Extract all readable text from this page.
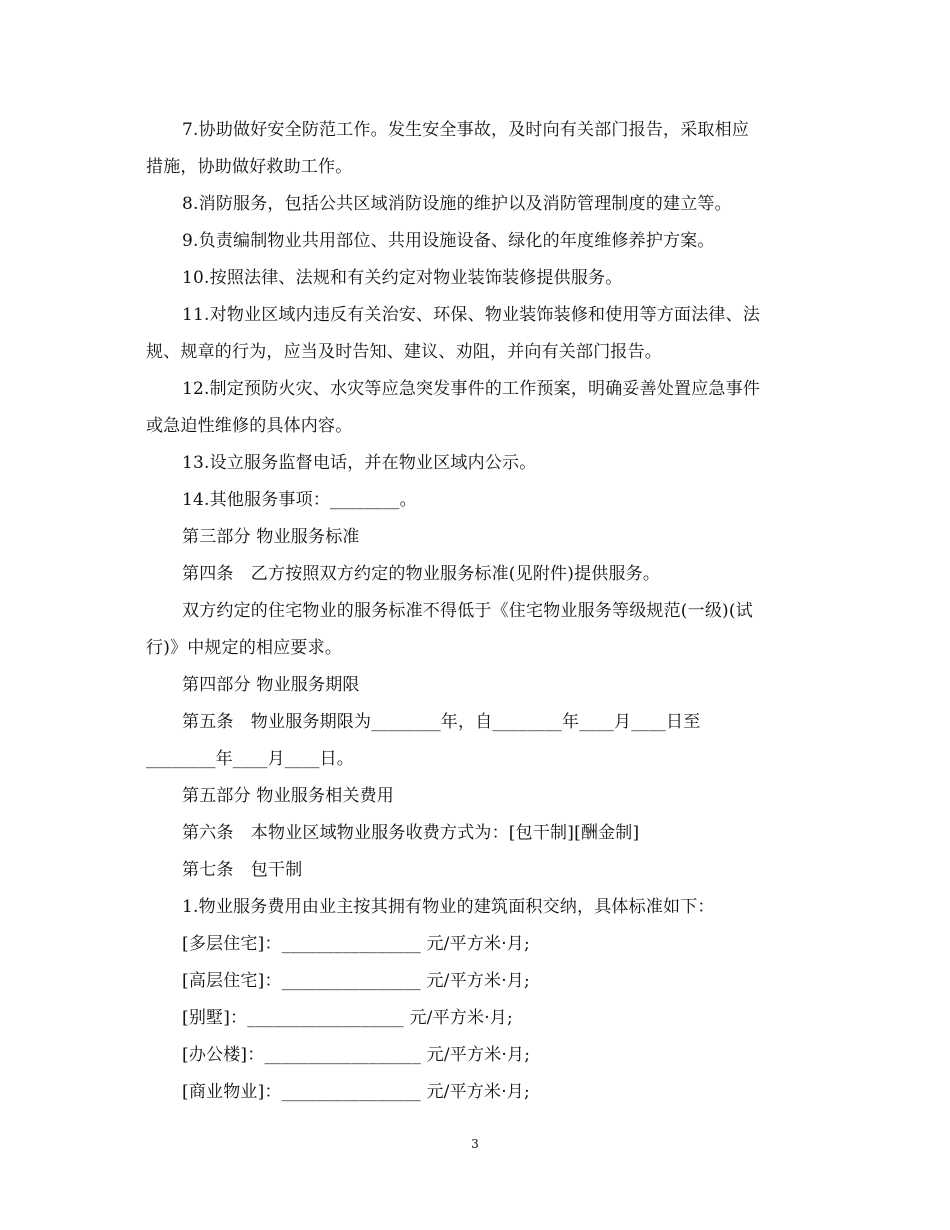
7.协助做好安全防范工作。发生安全事故，及时向有关部门报告，采取相应
措施，协助做好救助工作。
8.消防服务，包括公共区域消防设施的维护以及消防管理制度的建立等。
9.负责编制物业共用部位、共用设施设备、绿化的年度维修养护方案。
10.按照法律、法规和有关约定对物业装饰装修提供服务。
11.对物业区域内违反有关治安、环保、物业装饰装修和使用等方面法律、法
规、规章的行为，应当及时告知、建议、劝阻，并向有关部门报告。
12.制定预防火灾、水灾等应急突发事件的工作预案，明确妥善处置应急事件
或急迫性维修的具体内容。
13.设立服务监督电话，并在物业区域内公示。
14.其他服务事项：________。
第三部分 物业服务标准
第四条　乙方按照双方约定的物业服务标准(见附件)提供服务。
双方约定的住宅物业的服务标准不得低于《住宅物业服务等级规范(一级)(试
行)》中规定的相应要求。
第四部分 物业服务期限
第五条　物业服务期限为________年，自________年____月____日至
________年____月____日。
第五部分 物业服务相关费用
第六条　本物业区域物业服务收费方式为：[包干制][酬金制]
第七条　包干制
1.物业服务费用由业主按其拥有物业的建筑面积交纳，具体标准如下：
[多层住宅]：________________ 元/平方米·月;
[高层住宅]：________________ 元/平方米·月;
[别墅]：__________________ 元/平方米·月;
[办公楼]：__________________ 元/平方米·月;
[商业物业]：________________ 元/平方米·月;
3
